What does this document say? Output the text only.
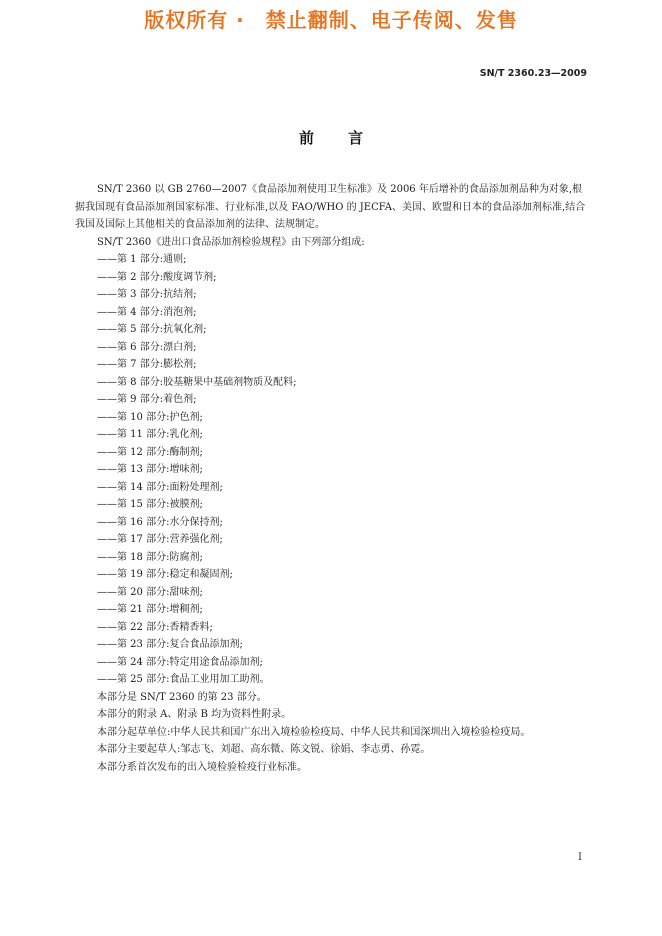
版权所有 ·　禁止翻制、电子传阅、发售
SN/T 2360.23—2009
前言

SN/T 2360 以 GB 2760—2007《食品添加剂使用卫生标准》及 2006 年后增补的食品添加剂品种为对象,根据我国现有食品添加剂国家标准、行业标准,以及 FAO/WHO 的 JECFA、美国、欧盟和日本的食品添加剂标准,结合我国及国际上其他相关的食品添加剂的法律、法规制定。

SN/T 2360《进出口食品添加剂检验规程》由下列部分组成:

——第 1 部分:通则;
——第 2 部分:酸度调节剂;
——第 3 部分:抗结剂;
——第 4 部分:消泡剂;
——第 5 部分:抗氧化剂;
——第 6 部分:漂白剂;
——第 7 部分:膨松剂;
——第 8 部分:胶基糖果中基础剂物质及配料;
——第 9 部分:着色剂;
——第 10 部分:护色剂;
——第 11 部分:乳化剂;
——第 12 部分:酶制剂;
——第 13 部分:增味剂;
——第 14 部分:面粉处理剂;
——第 15 部分:被膜剂;
——第 16 部分:水分保持剂;
——第 17 部分:营养强化剂;
——第 18 部分:防腐剂;
——第 19 部分:稳定和凝固剂;
——第 20 部分:甜味剂;
——第 21 部分:增稠剂;
——第 22 部分:香精香料;
——第 23 部分:复合食品添加剂;
——第 24 部分:特定用途食品添加剂;
——第 25 部分:食品工业用加工助剂。

本部分是 SN/T 2360 的第 23 部分。

本部分的附录 A、附录 B 均为资料性附录。

本部分起草单位:中华人民共和国广东出入境检验检疫局、中华人民共和国深圳出入境检验检疫局。

本部分主要起草人:邹志飞、刘超、高东微、陈文锐、徐娟、李志勇、孙霓。

本部分系首次发布的出入境检验检疫行业标准。

I
